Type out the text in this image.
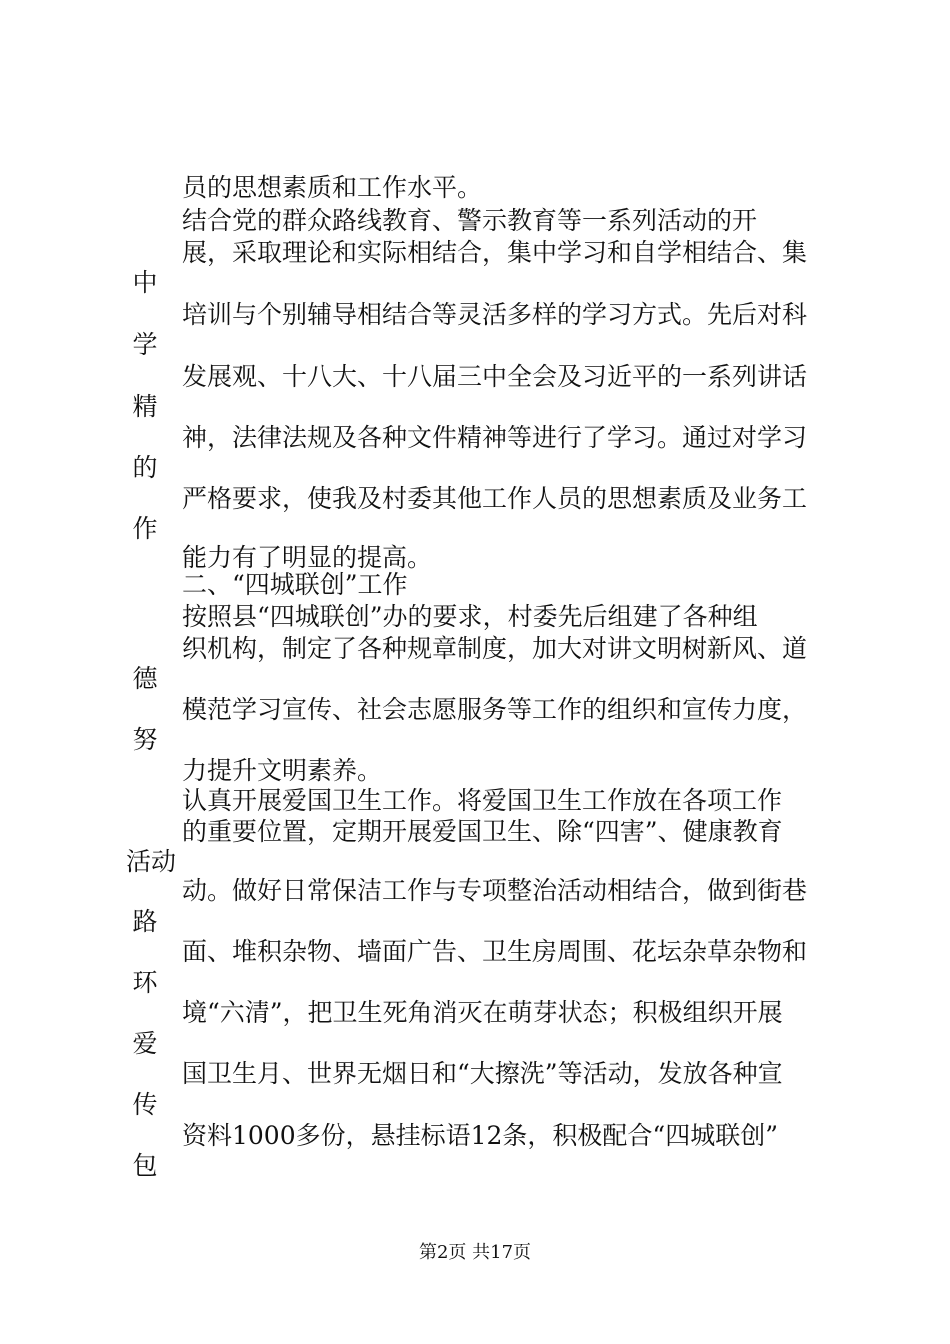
员的思想素质和工作水平。
结合党的群众路线教育、警示教育等一系列活动的开
展，采取理论和实际相结合，集中学习和自学相结合、集
培训与个别辅导相结合等灵活多样的学习方式。先后对科
发展观、十八大、十八届三中全会及习近平的一系列讲话
神，法律法规及各种文件精神等进行了学习。通过对学习
严格要求，使我及村委其他工作人员的思想素质及业务工
能力有了明显的提高。
二、“四城联创”工作
按照县“四城联创”办的要求，村委先后组建了各种组
织机构，制定了各种规章制度，加大对讲文明树新风、道
模范学习宣传、社会志愿服务等工作的组织和宣传力度，
力提升文明素养。
认真开展爱国卫生工作。将爱国卫生工作放在各项工作
的重要位置，定期开展爱国卫生、除“四害”、健康教育
动。做好日常保洁工作与专项整治活动相结合，做到街巷
面、堆积杂物、墙面广告、卫生房周围、花坛杂草杂物和
境“六清”，把卫生死角消灭在萌芽状态；积极组织开展
国卫生月、世界无烟日和“大擦洗”等活动，发放各种宣
资料1000多份，悬挂标语12条，积极配合“四城联创”
中
学
精
的
作
德
努
活动
路
环
爱
传
包
第2页 共17页
